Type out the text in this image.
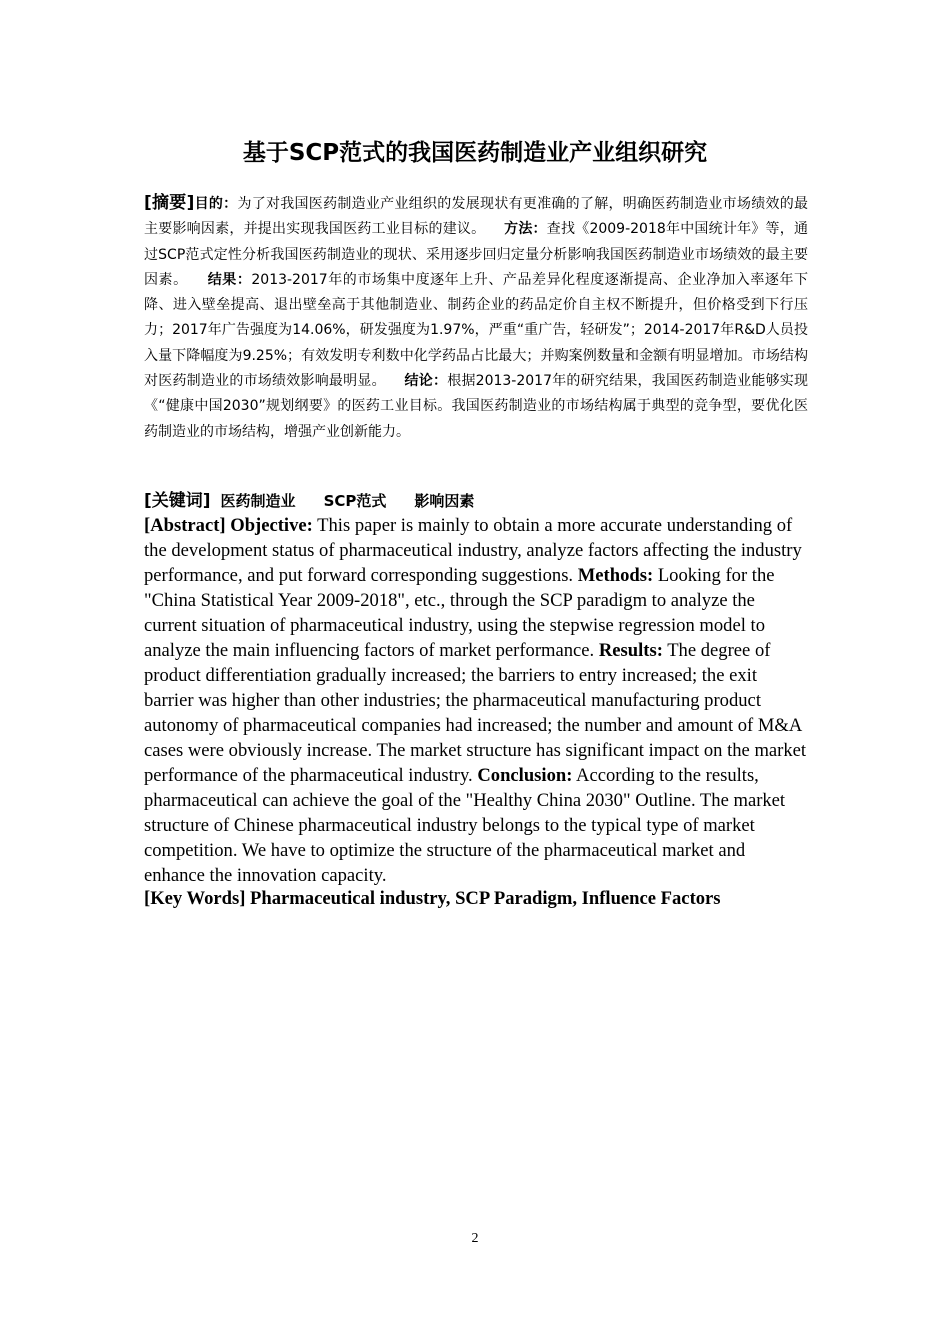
基于SCP范式的我国医药制造业产业组织研究
[摘要]目的：为了对我国医药制造业产业组织的发展现状有更准确的了解，明确医药制造业市场绩效的最主要影响因素，并提出实现我国医药工业目标的建议。 方法：查找《2009-2018年中国统计年》等，通过SCP范式定性分析我国医药制造业的现状、采用逐步回归定量分析影响我国医药制造业市场绩效的最主要因素。 结果：2013-2017年的市场集中度逐年上升、产品差异化程度逐渐提高、企业净加入率逐年下降、进入壁垒提高、退出壁垒高于其他制造业、制药企业的药品定价自主权不断提升，但价格受到下行压力；2017年广告强度为14.06%，研发强度为1.97%，严重“重广告，轻研发”；2014-2017年R&D人员投入量下降幅度为9.25%；有效发明专利数中化学药品占比最大；并购案例数量和金额有明显增加。市场结构对医药制造业的市场绩效影响最明显。 结论：根据2013-2017年的研究结果，我国医药制造业能够实现《“健康中国2030”规划纲要》的医药工业目标。我国医药制造业的市场结构属于典型的竞争型，要优化医药制造业的市场结构，增强产业创新能力。
[关键词] 医药制造业 SCP范式 影响因素
[Abstract] Objective: This paper is mainly to obtain a more accurate understanding of the development status of pharmaceutical industry, analyze factors affecting the industry performance, and put forward corresponding suggestions. Methods: Looking for the "China Statistical Year 2009-2018", etc., through the SCP paradigm to analyze the current situation of pharmaceutical industry, using the stepwise regression model to analyze the main influencing factors of market performance. Results: The degree of product differentiation gradually increased; the barriers to entry increased; the exit barrier was higher than other industries; the pharmaceutical manufacturing product autonomy of pharmaceutical companies had increased; the number and amount of M&A cases were obviously increase. The market structure has significant impact on the market performance of the pharmaceutical industry. Conclusion: According to the results, pharmaceutical can achieve the goal of the "Healthy China 2030" Outline. The market structure of Chinese pharmaceutical industry belongs to the typical type of market competition. We have to optimize the structure of the pharmaceutical market and enhance the innovation capacity.
[Key Words] Pharmaceutical industry, SCP Paradigm, Influence Factors
2
